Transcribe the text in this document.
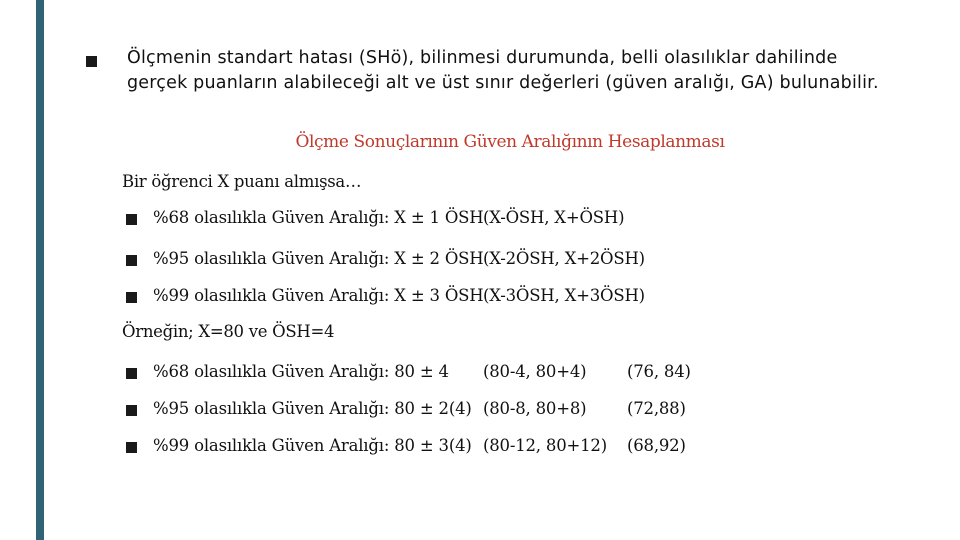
Ölçmenin standart hatası (SHö), bilinmesi durumunda, belli olasılıklar dahilinde
gerçek puanların alabileceği alt ve üst sınır değerleri (güven aralığı, GA) bulunabilir.
Ölçme Sonuçlarının Güven Aralığının Hesaplanması
Bir öğrenci X puanı almışsa…
%68 olasılıkla Güven Aralığı: X ± 1 ÖSH (X-ÖSH, X+ÖSH)
%95 olasılıkla Güven Aralığı: X ± 2 ÖSH (X-2ÖSH, X+2ÖSH)
%99 olasılıkla Güven Aralığı: X ± 3 ÖSH (X-3ÖSH, X+3ÖSH)
Örneğin; X=80 ve ÖSH=4
%68 olasılıkla Güven Aralığı: 80 ± 4 (80-4, 80+4) (76, 84)
%95 olasılıkla Güven Aralığı: 80 ± 2(4) (80-8, 80+8) (72,88)
%99 olasılıkla Güven Aralığı: 80 ± 3(4) (80-12, 80+12) (68,92)
